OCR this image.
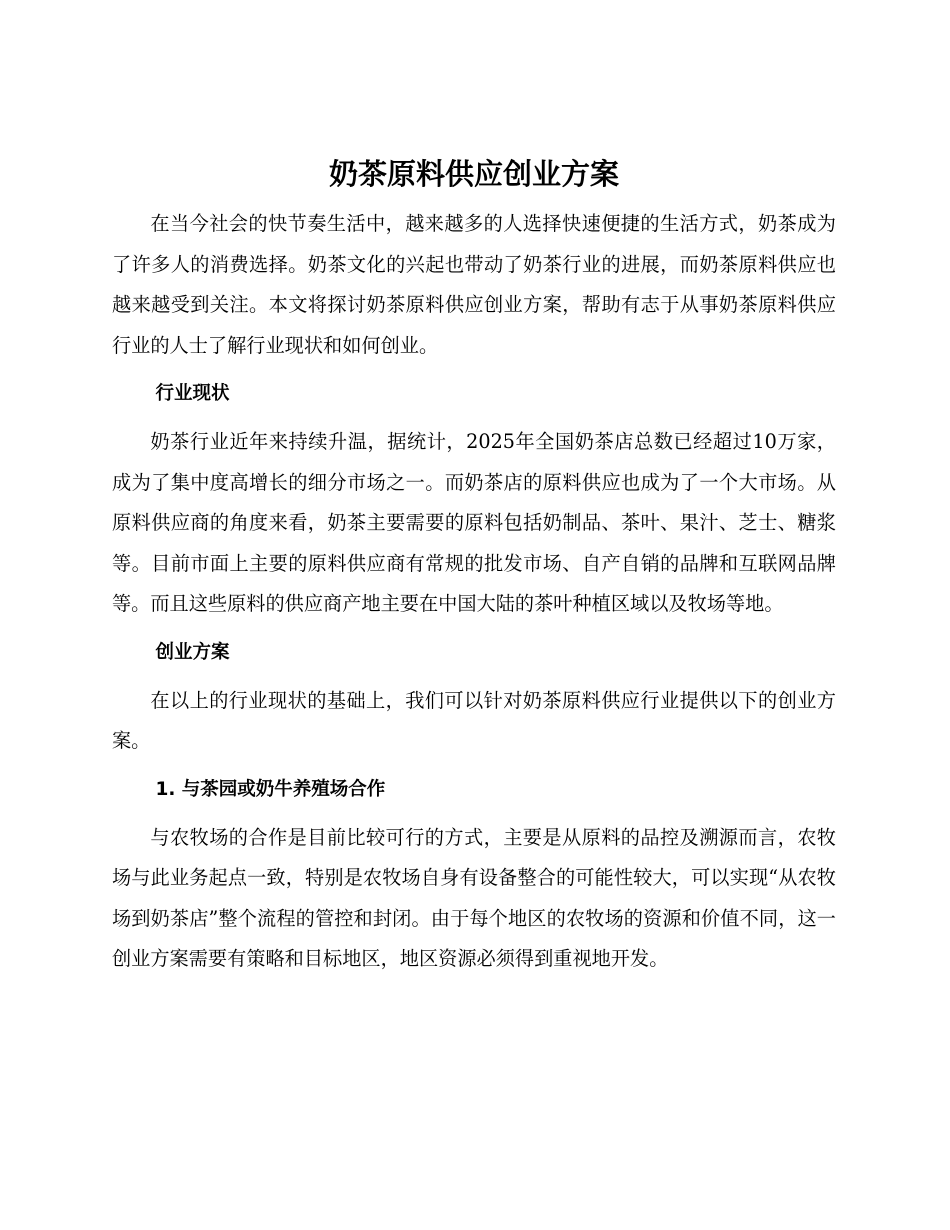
奶茶原料供应创业方案

在当今社会的快节奏生活中，越来越多的人选择快速便捷的生活方式，奶茶成为了许多人的消费选择。奶茶文化的兴起也带动了奶茶行业的进展，而奶茶原料供应也越来越受到关注。本文将探讨奶茶原料供应创业方案，帮助有志于从事奶茶原料供应行业的人士了解行业现状和如何创业。

行业现状

奶茶行业近年来持续升温，据统计，2025年全国奶茶店总数已经超过10万家，成为了集中度高增长的细分市场之一。而奶茶店的原料供应也成为了一个大市场。从原料供应商的角度来看，奶茶主要需要的原料包括奶制品、茶叶、果汁、芝士、糖浆等。目前市面上主要的原料供应商有常规的批发市场、自产自销的品牌和互联网品牌等。而且这些原料的供应商产地主要在中国大陆的茶叶种植区域以及牧场等地。

创业方案

在以上的行业现状的基础上，我们可以针对奶茶原料供应行业提供以下的创业方案。

1. 与茶园或奶牛养殖场合作

与农牧场的合作是目前比较可行的方式，主要是从原料的品控及溯源而言，农牧场与此业务起点一致，特别是农牧场自身有设备整合的可能性较大，可以实现“从农牧场到奶茶店”整个流程的管控和封闭。由于每个地区的农牧场的资源和价值不同，这一创业方案需要有策略和目标地区，地区资源必须得到重视地开发。
